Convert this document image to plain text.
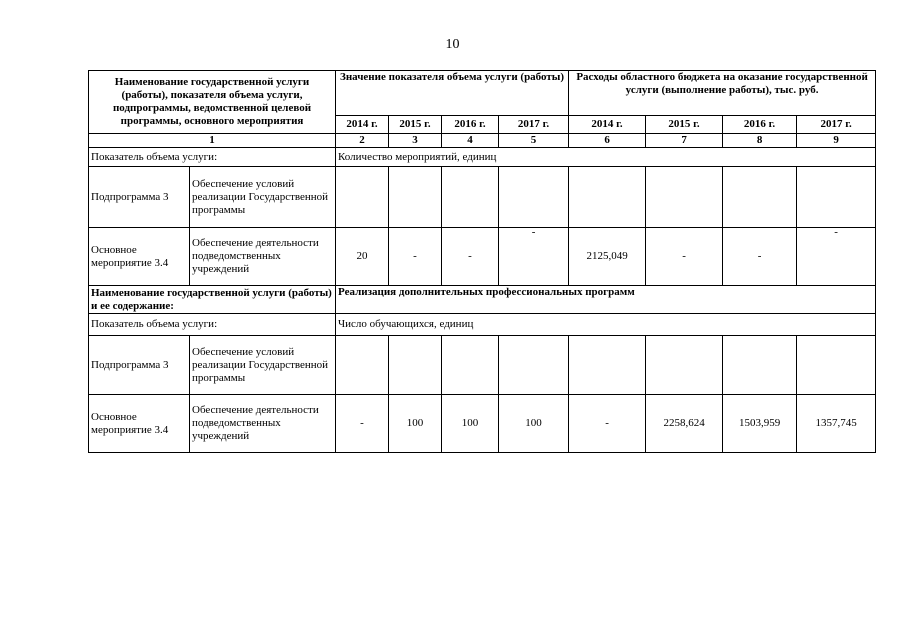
10
Наименование государственной услуги (работы), показателя объема услуги, подпрограммы, ведомственной целевой программы, основного мероприятия		Значение показателя объема услуги (работы)				Расходы областного бюджета на оказание государственной услуги (выполнение работы), тыс. руб.			
		2014 г.	2015 г.	2016 г.	2017 г.	2014 г.	2015 г.	2016 г.	2017 г.
1		2	3	4	5	6	7	8	9
Показатель объема услуги:		Количество мероприятий, единиц							
Подпрограмма 3	Обеспечение условий реализации Государственной программы								
Основное мероприятие 3.4	Обеспечение деятельности подведомственных учреждений	20	-	-	-	2125,049	-	-	-

Наименование государственной услуги (работы) и ее содержание:		Реализация дополнительных профессиональных программ							
Показатель объема услуги:		Число обучающихся, единиц							
Подпрограмма 3	Обеспечение условий реализации Государственной программы								
Основное мероприятие 3.4	Обеспечение деятельности подведомственных учреждений	-	100	100	100	-	2258,624	1503,959	1357,745
